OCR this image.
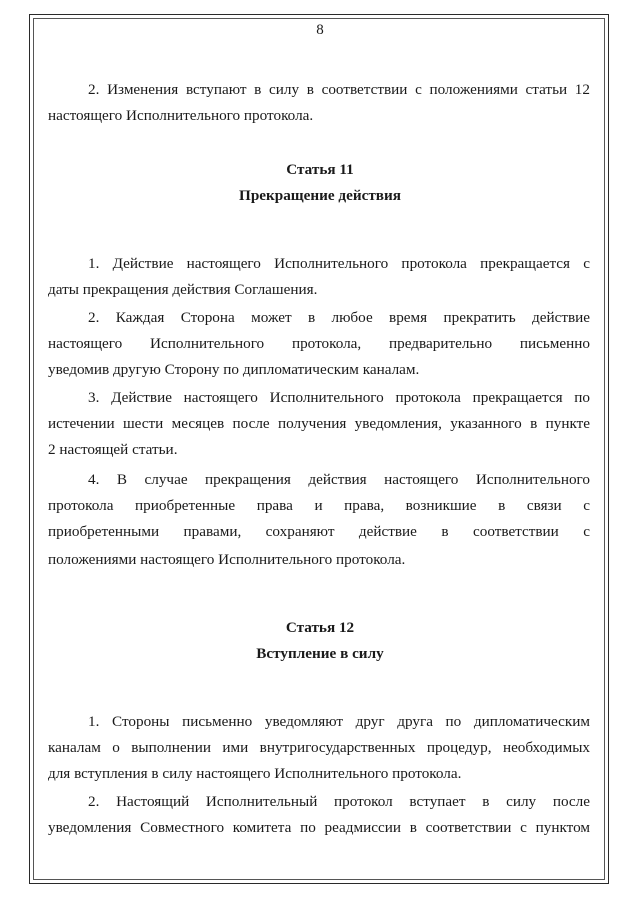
8
2. Изменения вступают в силу в соответствии с положениями статьи 12
настоящего Исполнительного протокола.
Статья 11
Прекращение действия
1. Действие настоящего Исполнительного протокола прекращается с
даты прекращения действия Соглашения.
2. Каждая Сторона может в любое время прекратить действие
настоящего Исполнительного протокола, предварительно письменно
уведомив другую Сторону по дипломатическим каналам.
3. Действие настоящего Исполнительного протокола прекращается по
истечении шести месяцев после получения уведомления, указанного в пункте
2 настоящей статьи.
4. В случае прекращения действия настоящего Исполнительного
протокола приобретенные права и права, возникшие в связи с
приобретенными правами, сохраняют действие в соответствии с
положениями настоящего Исполнительного протокола.
Статья 12
Вступление в силу
1. Стороны письменно уведомляют друг друга по дипломатическим
каналам о выполнении ими внутригосударственных процедур, необходимых
для вступления в силу настоящего Исполнительного протокола.
2. Настоящий Исполнительный протокол вступает в силу после
уведомления Совместного комитета по реадмиссии в соответствии с пунктом
